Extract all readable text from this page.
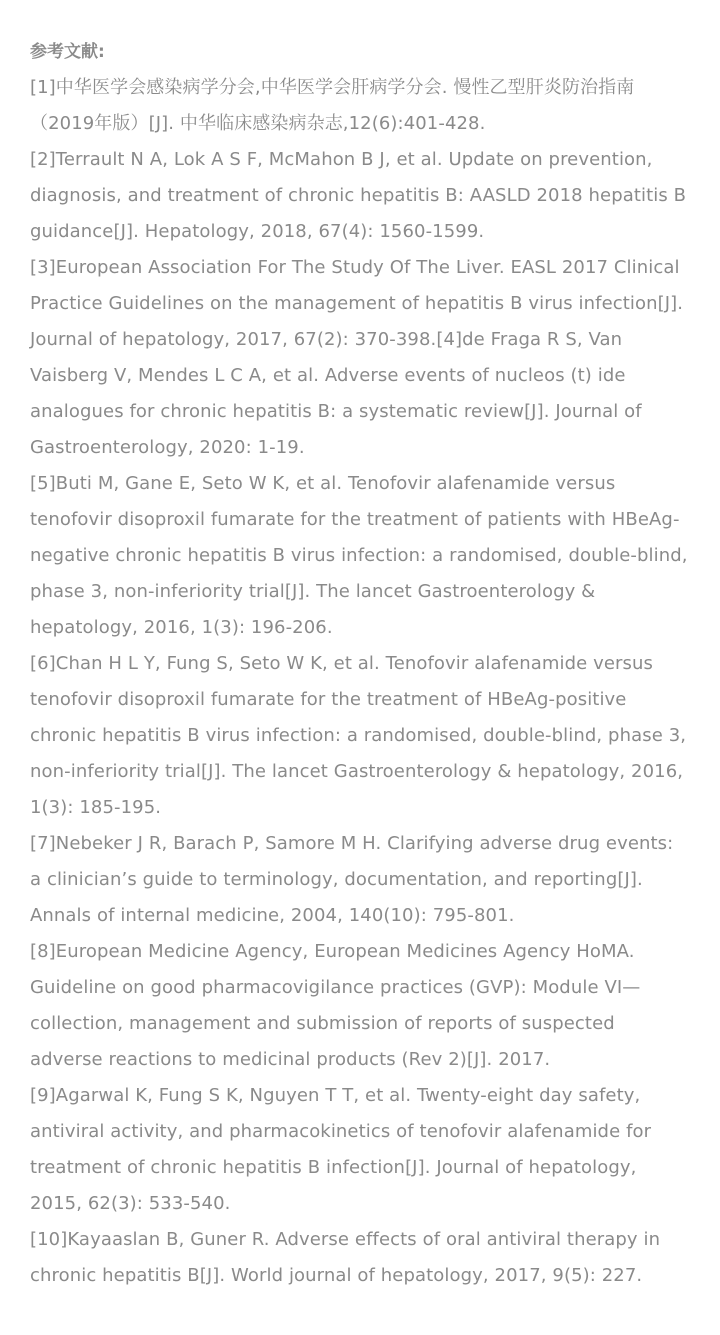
参考文献:
[1]中华医学会感染病学分会,中华医学会肝病学分会. 慢性乙型肝炎防治指南（2019年版）[J]. 中华临床感染病杂志,12(6):401-428.
[2]Terrault N A, Lok A S F, McMahon B J, et al. Update on prevention, diagnosis, and treatment of chronic hepatitis B: AASLD 2018 hepatitis B guidance[J]. Hepatology, 2018, 67(4): 1560-1599.
[3]European Association For The Study Of The Liver. EASL 2017 Clinical Practice Guidelines on the management of hepatitis B virus infection[J]. Journal of hepatology, 2017, 67(2): 370-398.[4]de Fraga R S, Van Vaisberg V, Mendes L C A, et al. Adverse events of nucleos (t) ide analogues for chronic hepatitis B: a systematic review[J]. Journal of Gastroenterology, 2020: 1-19.
[5]Buti M, Gane E, Seto W K, et al. Tenofovir alafenamide versus tenofovir disoproxil fumarate for the treatment of patients with HBeAg-negative chronic hepatitis B virus infection: a randomised, double-blind, phase 3, non-inferiority trial[J]. The lancet Gastroenterology & hepatology, 2016, 1(3): 196-206.
[6]Chan H L Y, Fung S, Seto W K, et al. Tenofovir alafenamide versus tenofovir disoproxil fumarate for the treatment of HBeAg-positive chronic hepatitis B virus infection: a randomised, double-blind, phase 3, non-inferiority trial[J]. The lancet Gastroenterology & hepatology, 2016, 1(3): 185-195.
[7]Nebeker J R, Barach P, Samore M H. Clarifying adverse drug events: a clinician’s guide to terminology, documentation, and reporting[J]. Annals of internal medicine, 2004, 140(10): 795-801.
[8]European Medicine Agency, European Medicines Agency HoMA. Guideline on good pharmacovigilance practices (GVP): Module VI—collection, management and submission of reports of suspected adverse reactions to medicinal products (Rev 2)[J]. 2017.
[9]Agarwal K, Fung S K, Nguyen T T, et al. Twenty-eight day safety, antiviral activity, and pharmacokinetics of tenofovir alafenamide for treatment of chronic hepatitis B infection[J]. Journal of hepatology, 2015, 62(3): 533-540.
[10]Kayaaslan B, Guner R. Adverse effects of oral antiviral therapy in chronic hepatitis B[J]. World journal of hepatology, 2017, 9(5): 227.
